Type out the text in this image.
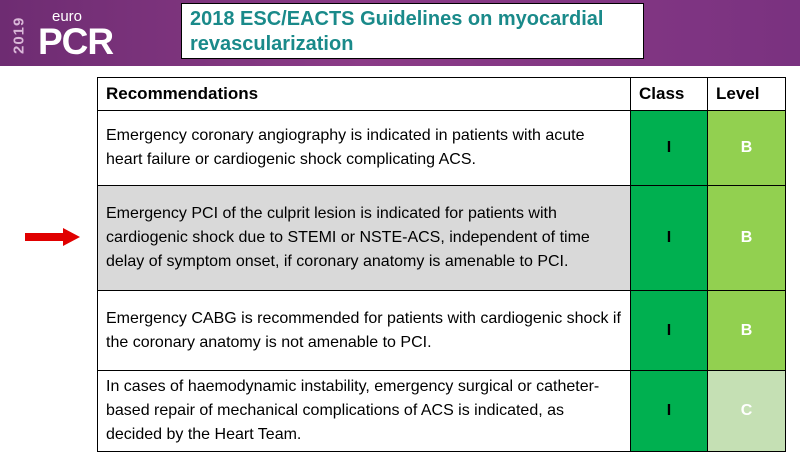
2019 euro
PCR
2018 ESC/EACTS Guidelines on myocardial
revascularization
Recommendations	Class	Level
Emergency coronary angiography is indicated in patients with acute heart failure or cardiogenic shock complicating ACS.	I	B
Emergency PCI of the culprit lesion is indicated for patients with cardiogenic shock due to STEMI or NSTE-ACS, independent of time delay of symptom onset, if coronary anatomy is amenable to PCI.	I	B
Emergency CABG is recommended for patients with cardiogenic shock if the coronary anatomy is not amenable to PCI.	I	B
In cases of haemodynamic instability, emergency surgical or catheter-based repair of mechanical complications of ACS is indicated, as decided by the Heart Team.	I	C
